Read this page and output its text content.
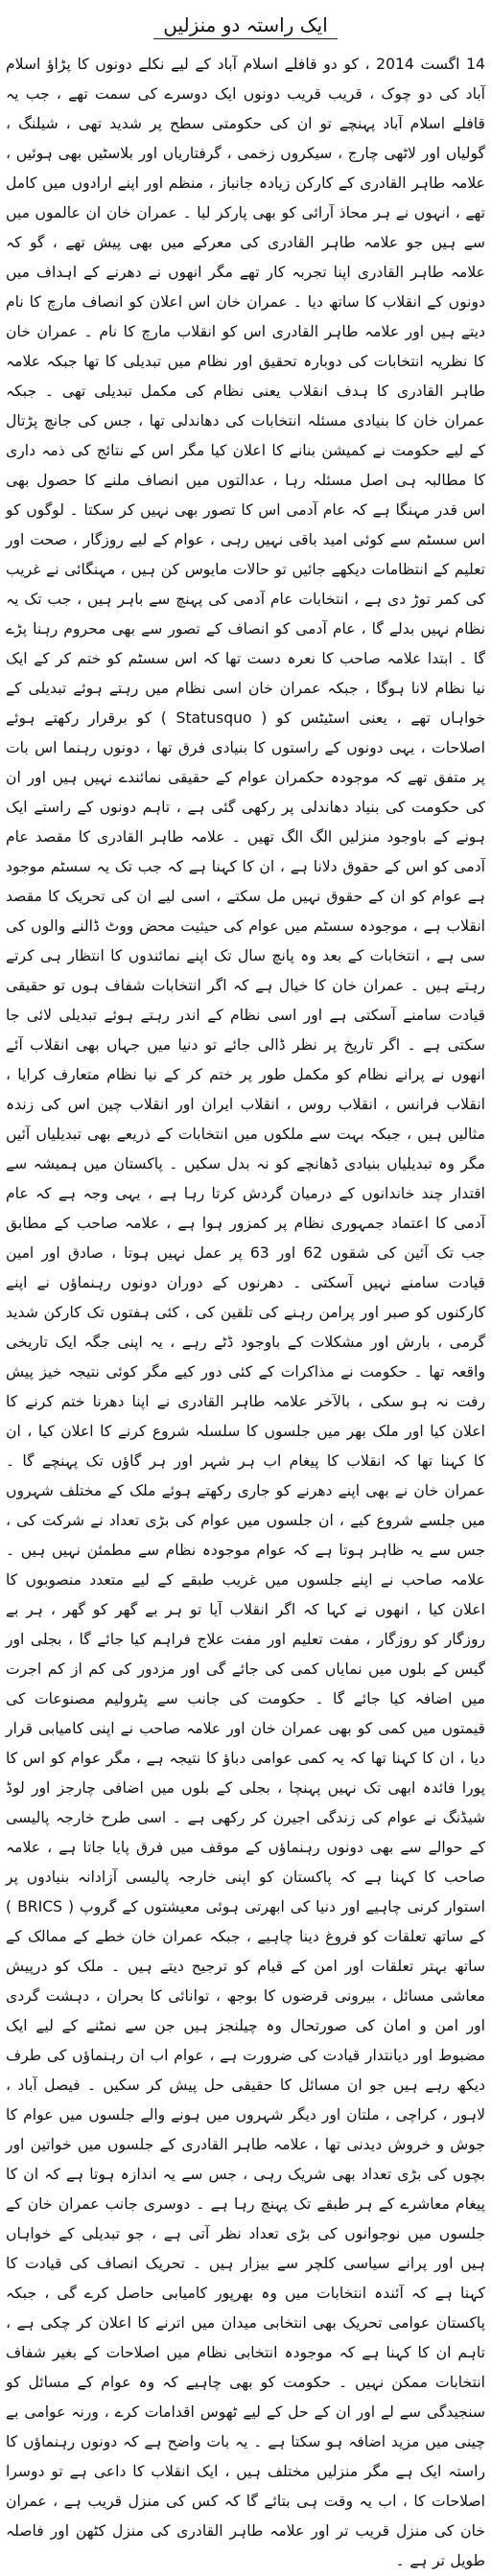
ایک راستہ دو منزلیں
14 اگست 2014 ، کو دو قافلے اسلام آباد کے لیے نکلے دونوں کا پڑاؤ اسلام آباد کی دو چوک ، قریب قریب دونوں ایک دوسرے کی سمت تھے ، جب یہ قافلے اسلام آباد پہنچے تو ان کی حکومتی سطح پر شدید تھی ، شیلنگ ، گولیاں اور لاٹھی چارج ، سیکروں زخمی ، گرفتاریاں اور بلاسٹیں بھی ہوئیں ، علامہ طاہر القادری کے کارکن زیادہ جانباز ، منظم اور اپنے ارادوں میں کامل تھے ، انہوں نے ہر محاذ آرائی کو بھی پارکر لیا ۔ عمران خان ان عالموں میں سے ہیں جو علامہ طاہر القادری کی معرکے میں بھی پیش تھے ، گو کہ علامہ طاہر القادری اپنا تجربہ کار تھے مگر انھوں نے دھرنے کے اہداف میں دونوں کے انقلاب کا ساتھ دیا ۔ عمران خان اس اعلان کو انصاف مارچ کا نام دیتے ہیں اور علامہ طاہر القادری اس کو انقلاب مارچ کا نام ۔ عمران خان کا نظریہ انتخابات کی دوبارہ تحقیق اور نظام میں تبدیلی کا تھا جبکہ علامہ طاہر القادری کا ہدف انقلاب یعنی نظام کی مکمل تبدیلی تھی ۔ جبکہ عمران خان کا بنیادی مسئلہ انتخابات کی دھاندلی تھا ، جس کی جانچ پڑتال کے لیے حکومت نے کمیشن بنانے کا اعلان کیا مگر اس کے نتائج کی ذمہ داری کا مطالبہ ہی اصل مسئلہ رہا ، عدالتوں میں انصاف ملنے کا حصول بھی اس قدر مہنگا ہے کہ عام آدمی اس کا تصور بھی نہیں کر سکتا ۔ لوگوں کو اس سسٹم سے کوئی امید باقی نہیں رہی ، عوام کے لیے روزگار ، صحت اور تعلیم کے انتظامات دیکھے جائیں تو حالات مایوس کن ہیں ، مہنگائی نے غریب کی کمر توڑ دی ہے ، انتخابات عام آدمی کی پہنچ سے باہر ہیں ، جب تک یہ نظام نہیں بدلے گا ، عام آدمی کو انصاف کے تصور سے بھی محروم رہنا پڑے گا ۔ ابتدا علامہ صاحب کا نعرہ دست تھا کہ اس سسٹم کو ختم کر کے ایک نیا نظام لانا ہوگا ، جبکہ عمران خان اسی نظام میں رہتے ہوئے تبدیلی کے خواہاں تھے ، یعنی اسٹیٹس کو ( Statusquo ) کو برقرار رکھتے ہوئے اصلاحات ، یہی دونوں کے راستوں کا بنیادی فرق تھا ، دونوں رہنما اس بات پر متفق تھے کہ موجودہ حکمران عوام کے حقیقی نمائندے نہیں ہیں اور ان کی حکومت کی بنیاد دھاندلی پر رکھی گئی ہے ، تاہم دونوں کے راستے ایک ہونے کے باوجود منزلیں الگ الگ تھیں ۔ علامہ طاہر القادری کا مقصد عام آدمی کو اس کے حقوق دلانا ہے ، ان کا کہنا ہے کہ جب تک یہ سسٹم موجود ہے عوام کو ان کے حقوق نہیں مل سکتے ، اسی لیے ان کی تحریک کا مقصد انقلاب ہے ، موجودہ سسٹم میں عوام کی حیثیت محض ووٹ ڈالنے والوں کی سی ہے ، انتخابات کے بعد وہ پانچ سال تک اپنے نمائندوں کا انتظار ہی کرتے رہتے ہیں ۔ عمران خان کا خیال ہے کہ اگر انتخابات شفاف ہوں تو حقیقی قیادت سامنے آسکتی ہے اور اسی نظام کے اندر رہتے ہوئے تبدیلی لائی جا سکتی ہے ۔ اگر تاریخ پر نظر ڈالی جائے تو دنیا میں جہاں بھی انقلاب آئے انھوں نے پرانے نظام کو مکمل طور پر ختم کر کے نیا نظام متعارف کرایا ، انقلاب فرانس ، انقلاب روس ، انقلاب ایران اور انقلاب چین اس کی زندہ مثالیں ہیں ، جبکہ بہت سے ملکوں میں انتخابات کے ذریعے بھی تبدیلیاں آئیں مگر وہ تبدیلیاں بنیادی ڈھانچے کو نہ بدل سکیں ۔ پاکستان میں ہمیشہ سے اقتدار چند خاندانوں کے درمیان گردش کرتا رہا ہے ، یہی وجہ ہے کہ عام آدمی کا اعتماد جمہوری نظام پر کمزور ہوا ہے ، علامہ صاحب کے مطابق جب تک آئین کی شقوں 62 اور 63 پر عمل نہیں ہوتا ، صادق اور امین قیادت سامنے نہیں آسکتی ۔ دھرنوں کے دوران دونوں رہنماؤں نے اپنے کارکنوں کو صبر اور پرامن رہنے کی تلقین کی ، کئی ہفتوں تک کارکن شدید گرمی ، بارش اور مشکلات کے باوجود ڈٹے رہے ، یہ اپنی جگہ ایک تاریخی واقعہ تھا ۔ حکومت نے مذاکرات کے کئی دور کیے مگر کوئی نتیجہ خیز پیش رفت نہ ہو سکی ، بالآخر علامہ طاہر القادری نے اپنا دھرنا ختم کرنے کا اعلان کیا اور ملک بھر میں جلسوں کا سلسلہ شروع کرنے کا اعلان کیا ، ان کا کہنا تھا کہ انقلاب کا پیغام اب ہر شہر اور ہر گاؤں تک پہنچے گا ۔ عمران خان نے بھی اپنے دھرنے کو جاری رکھتے ہوئے ملک کے مختلف شہروں میں جلسے شروع کیے ، ان جلسوں میں عوام کی بڑی تعداد نے شرکت کی ، جس سے یہ ظاہر ہوتا ہے کہ عوام موجودہ نظام سے مطمئن نہیں ہیں ۔ علامہ صاحب نے اپنے جلسوں میں غریب طبقے کے لیے متعدد منصوبوں کا اعلان کیا ، انھوں نے کہا کہ اگر انقلاب آیا تو ہر بے گھر کو گھر ، ہر بے روزگار کو روزگار ، مفت تعلیم اور مفت علاج فراہم کیا جائے گا ، بجلی اور گیس کے بلوں میں نمایاں کمی کی جائے گی اور مزدور کی کم از کم اجرت میں اضافہ کیا جائے گا ۔ حکومت کی جانب سے پٹرولیم مصنوعات کی قیمتوں میں کمی کو بھی عمران خان اور علامہ صاحب نے اپنی کامیابی قرار دیا ، ان کا کہنا تھا کہ یہ کمی عوامی دباؤ کا نتیجہ ہے ، مگر عوام کو اس کا پورا فائدہ ابھی تک نہیں پہنچا ، بجلی کے بلوں میں اضافی چارجز اور لوڈ شیڈنگ نے عوام کی زندگی اجیرن کر رکھی ہے ۔ اسی طرح خارجہ پالیسی کے حوالے سے بھی دونوں رہنماؤں کے موقف میں فرق پایا جاتا ہے ، علامہ صاحب کا کہنا ہے کہ پاکستان کو اپنی خارجہ پالیسی آزادانہ بنیادوں پر استوار کرنی چاہیے اور دنیا کی ابھرتی ہوئی معیشتوں کے گروپ ( BRICS ) کے ساتھ تعلقات کو فروغ دینا چاہیے ، جبکہ عمران خان خطے کے ممالک کے ساتھ بہتر تعلقات اور امن کے قیام کو ترجیح دیتے ہیں ۔ ملک کو درپیش معاشی مسائل ، بیرونی قرضوں کا بوجھ ، توانائی کا بحران ، دہشت گردی اور امن و امان کی صورتحال وہ چیلنجز ہیں جن سے نمٹنے کے لیے ایک مضبوط اور دیانتدار قیادت کی ضرورت ہے ، عوام اب ان رہنماؤں کی طرف دیکھ رہے ہیں جو ان مسائل کا حقیقی حل پیش کر سکیں ۔ فیصل آباد ، لاہور ، کراچی ، ملتان اور دیگر شہروں میں ہونے والے جلسوں میں عوام کا جوش و خروش دیدنی تھا ، علامہ طاہر القادری کے جلسوں میں خواتین اور بچوں کی بڑی تعداد بھی شریک رہی ، جس سے یہ اندازہ ہوتا ہے کہ ان کا پیغام معاشرے کے ہر طبقے تک پہنچ رہا ہے ۔ دوسری جانب عمران خان کے جلسوں میں نوجوانوں کی بڑی تعداد نظر آتی ہے ، جو تبدیلی کے خواہاں ہیں اور پرانے سیاسی کلچر سے بیزار ہیں ۔ تحریک انصاف کی قیادت کا کہنا ہے کہ آئندہ انتخابات میں وہ بھرپور کامیابی حاصل کرے گی ، جبکہ پاکستان عوامی تحریک بھی انتخابی میدان میں اترنے کا اعلان کر چکی ہے ، تاہم ان کا کہنا ہے کہ موجودہ انتخابی نظام میں اصلاحات کے بغیر شفاف انتخابات ممکن نہیں ۔ حکومت کو بھی چاہیے کہ وہ عوام کے مسائل کو سنجیدگی سے لے اور ان کے حل کے لیے ٹھوس اقدامات کرے ، ورنہ عوامی بے چینی میں مزید اضافہ ہو سکتا ہے ۔ یہ بات واضح ہے کہ دونوں رہنماؤں کا راستہ ایک ہے مگر منزلیں مختلف ہیں ، ایک انقلاب کا داعی ہے تو دوسرا اصلاحات کا ، اب یہ وقت ہی بتائے گا کہ کس کی منزل قریب ہے ، عمران خان کی منزل قریب تر اور علامہ طاہر القادری کی منزل کٹھن اور فاصلہ طویل تر ہے ۔
